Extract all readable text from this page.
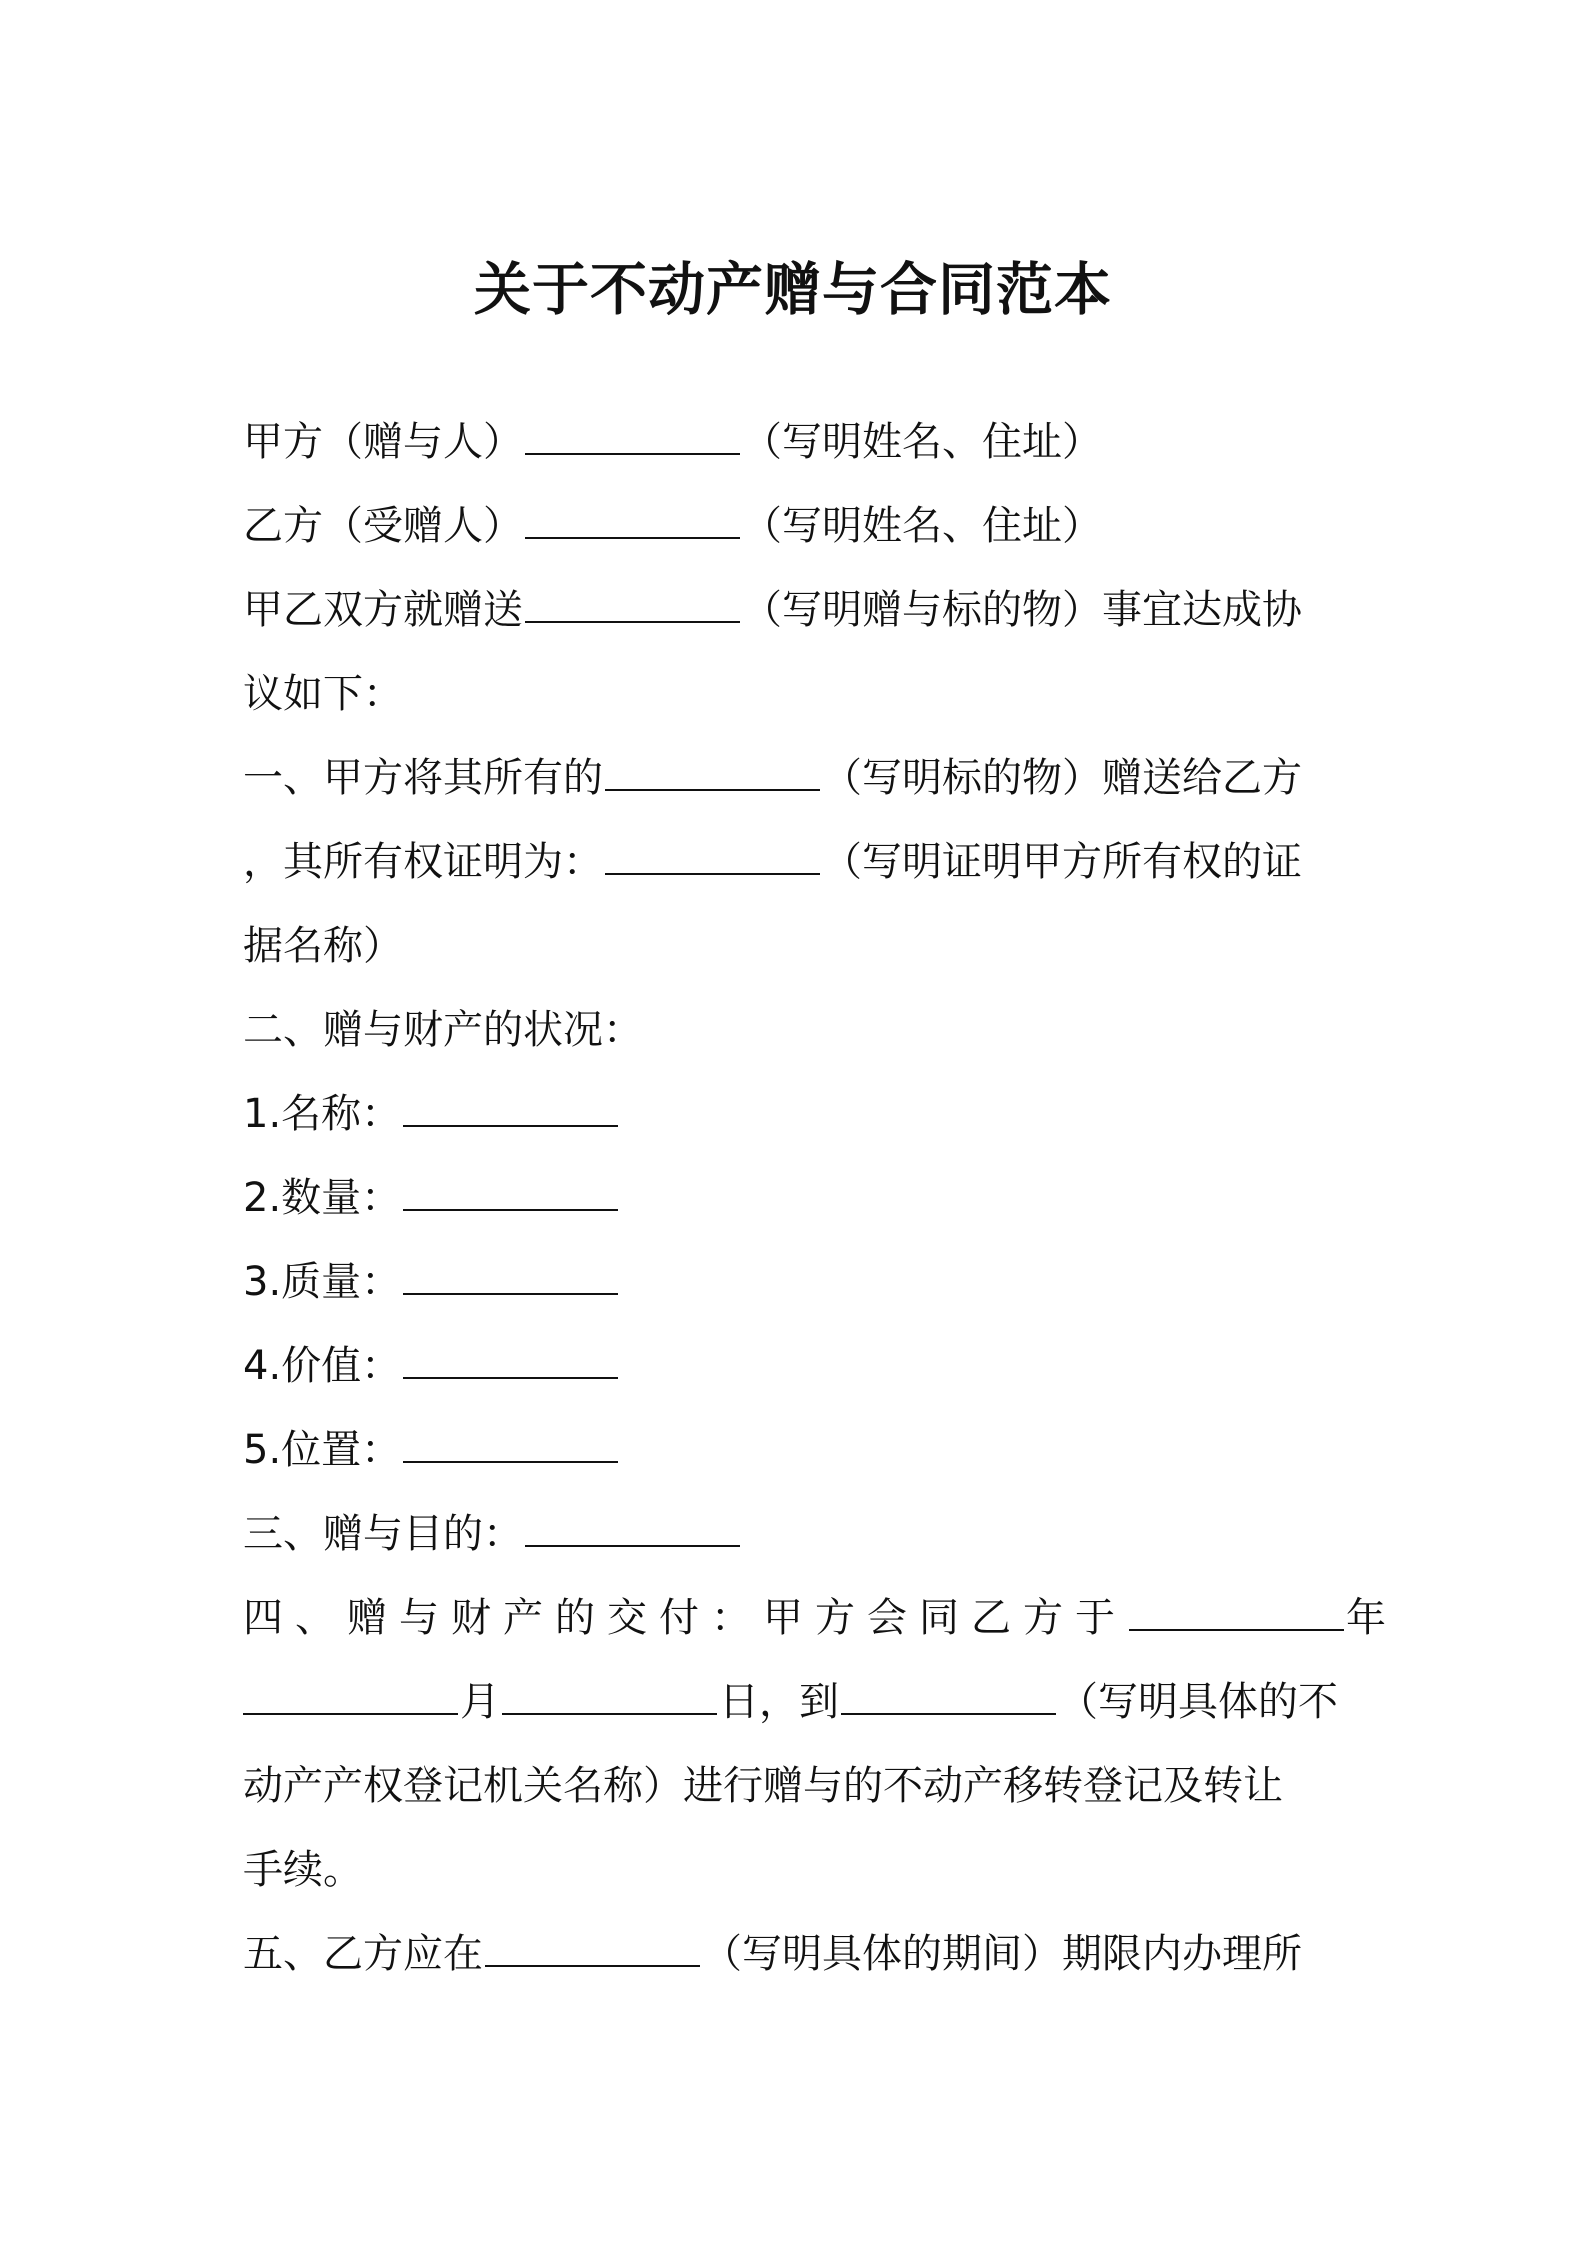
关于不动产赠与合同范本
甲方（赠与人）	（写明姓名、住址）
乙方（受赠人）	（写明姓名、住址）
甲乙双方就赠送	（写明赠与标的物）事宜达成协
议如下：
一、甲方将其所有的	（写明标的物）赠送给乙方
，其所有权证明为：	（写明证明甲方所有权的证
据名称）
二、赠与财产的状况：
1.名称：
2.数量：
3.质量：
4.价值：
5.位置：
三、赠与目的：
四、赠与财产的交付：甲方会同乙方于	年
月	日，到	（写明具体的不
动产产权登记机关名称）进行赠与的不动产移转登记及转让
手续。
五、乙方应在	（写明具体的期间）期限内办理所
